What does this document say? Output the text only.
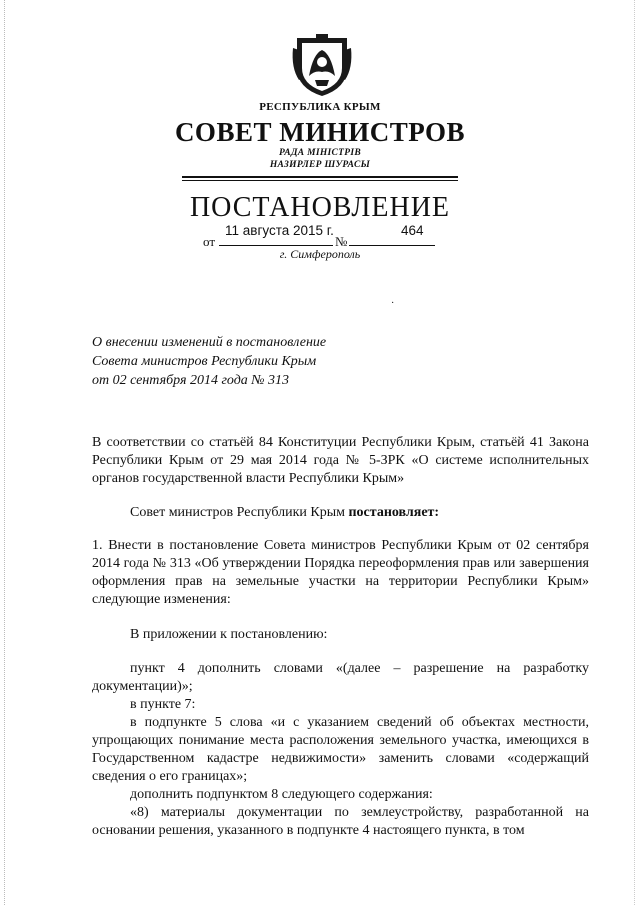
РЕСПУБЛИКА КРЫМ
СОВЕТ МИНИСТРОВ
РАДА МІНІСТРІВ
НАЗИРЛЕР ШУРАСЫ
ПОСТАНОВЛЕНИЕ
от
11 августа 2015 г.
№
464
г. Симферополь
·
О внесении изменений в постановление
Совета министров Республики Крым
от 02 сентября 2014 года № 313

В соответствии со статьёй 84 Конституции Республики Крым, статьёй 41 Закона Республики Крым от 29 мая 2014 года № 5-ЗРК «О системе исполнительных органов государственной власти Республики Крым»

Совет министров Республики Крым постановляет:

1. Внести в постановление Совета министров Республики Крым от 02 сентября 2014 года № 313 «Об утверждении Порядка переоформления прав или завершения оформления прав на земельные участки на территории Республики Крым» следующие изменения:

В приложении к постановлению:

пункт 4 дополнить словами «(далее – разрешение на разработку документации)»;

в пункте 7:

в подпункте 5 слова «и с указанием сведений об объектах местности, упрощающих понимание места расположения земельного участка, имеющихся в Государственном кадастре недвижимости» заменить словами «содержащий сведения о его границах»;

дополнить подпунктом 8 следующего содержания:

«8) материалы документации по землеустройству, разработанной на основании решения, указанного в подпункте 4 настоящего пункта, в том
